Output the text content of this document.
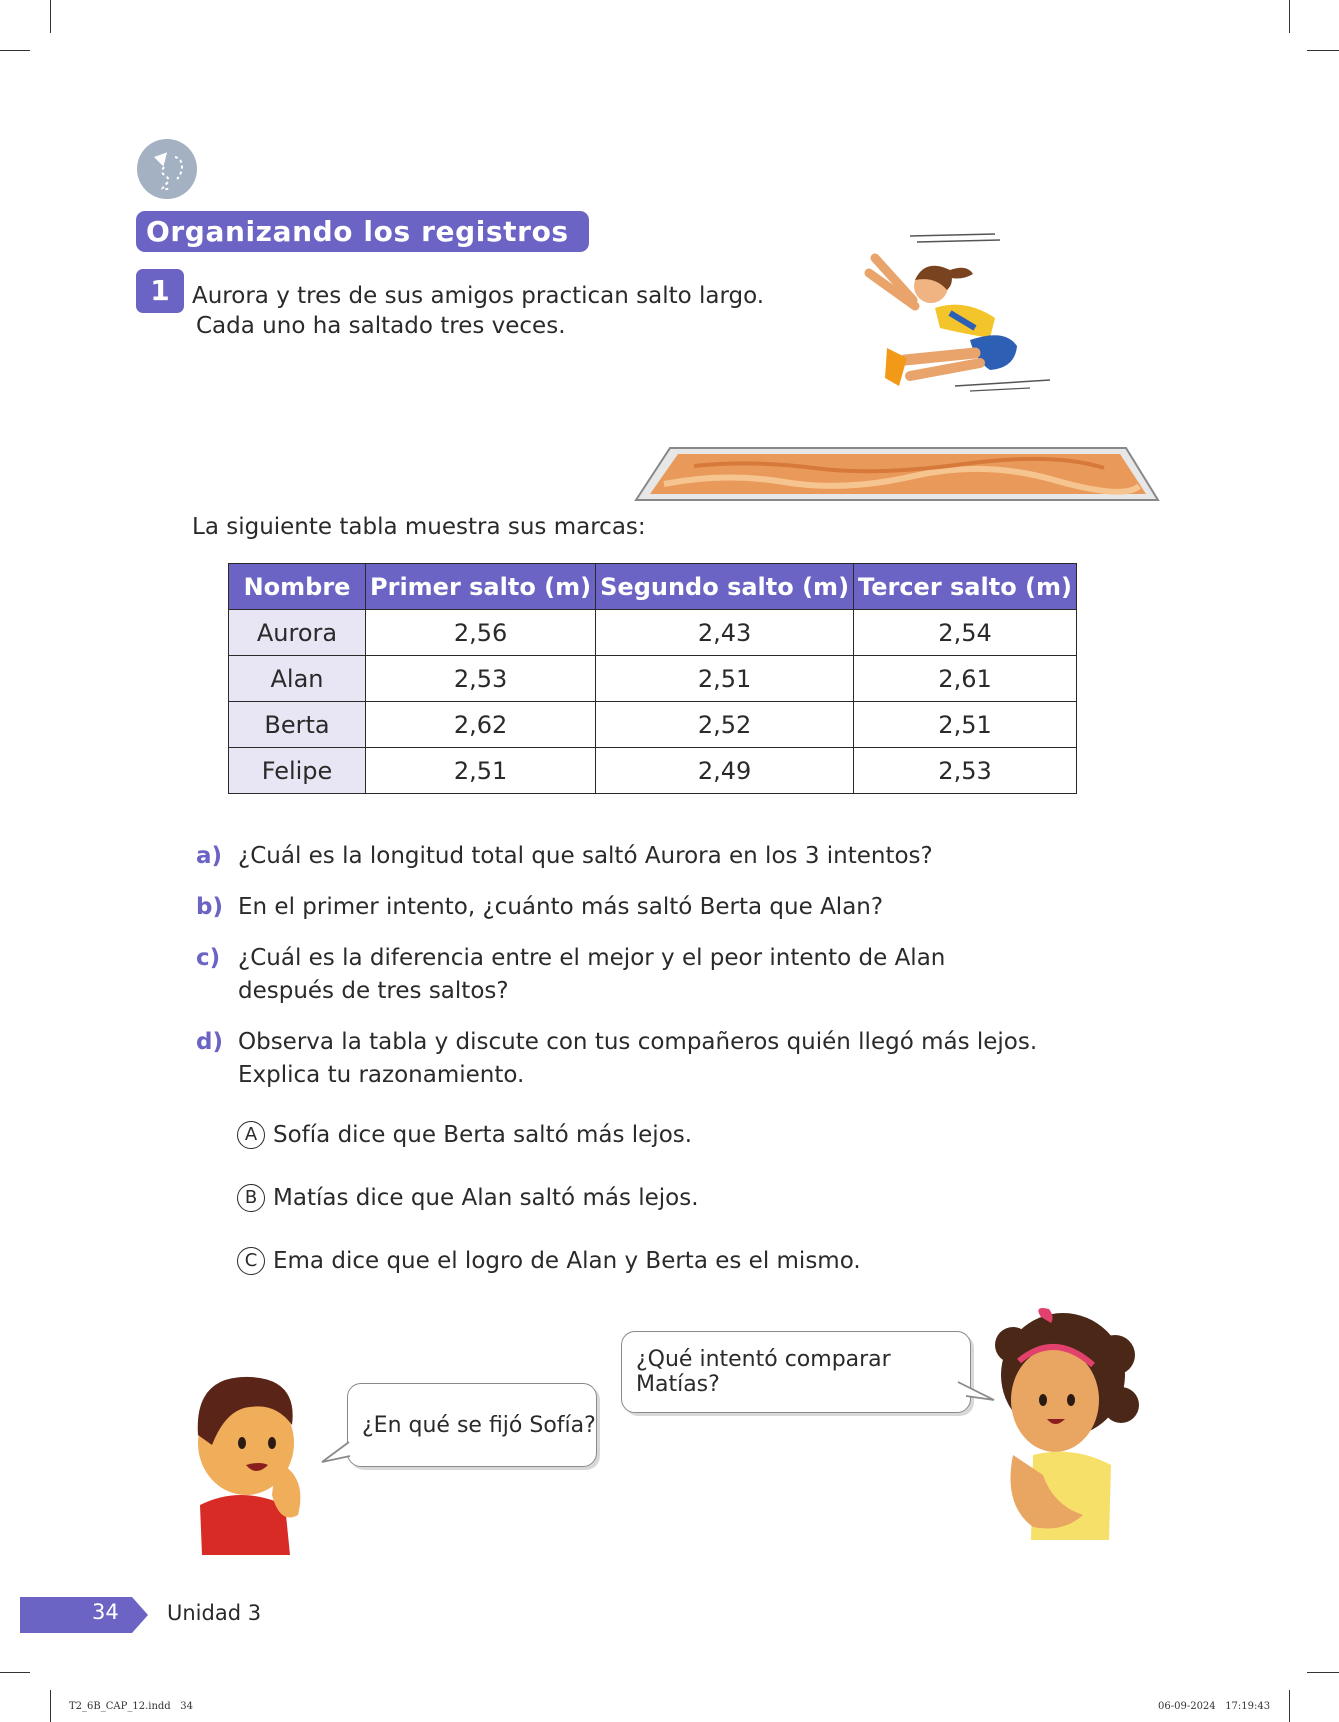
Organizando los registros
1 Aurora y tres de sus amigos practican salto largo.
Cada uno ha saltado tres veces.
La siguiente tabla muestra sus marcas:
Nombre	Primer salto (m)	Segundo salto (m)	Tercer salto (m)
Aurora	2,56	2,43	2,54
Alan	2,53	2,51	2,61
Berta	2,62	2,52	2,51
Felipe	2,51	2,49	2,53
a) ¿Cuál es la longitud total que saltó Aurora en los 3 intentos?
b) En el primer intento, ¿cuánto más saltó Berta que Alan?
c) ¿Cuál es la diferencia entre el mejor y el peor intento de Alan
después de tres saltos?
d) Observa la tabla y discute con tus compañeros quién llegó más lejos.
Explica tu razonamiento.
A Sofía dice que Berta saltó más lejos.
B Matías dice que Alan saltó más lejos.
C Ema dice que el logro de Alan y Berta es el mismo.
¿En qué se fijó Sofía?
¿Qué intentó comparar Matías?
34 Unidad 3
T2_6B_CAP_12.indd   34	06-09-2024   17:19:43
